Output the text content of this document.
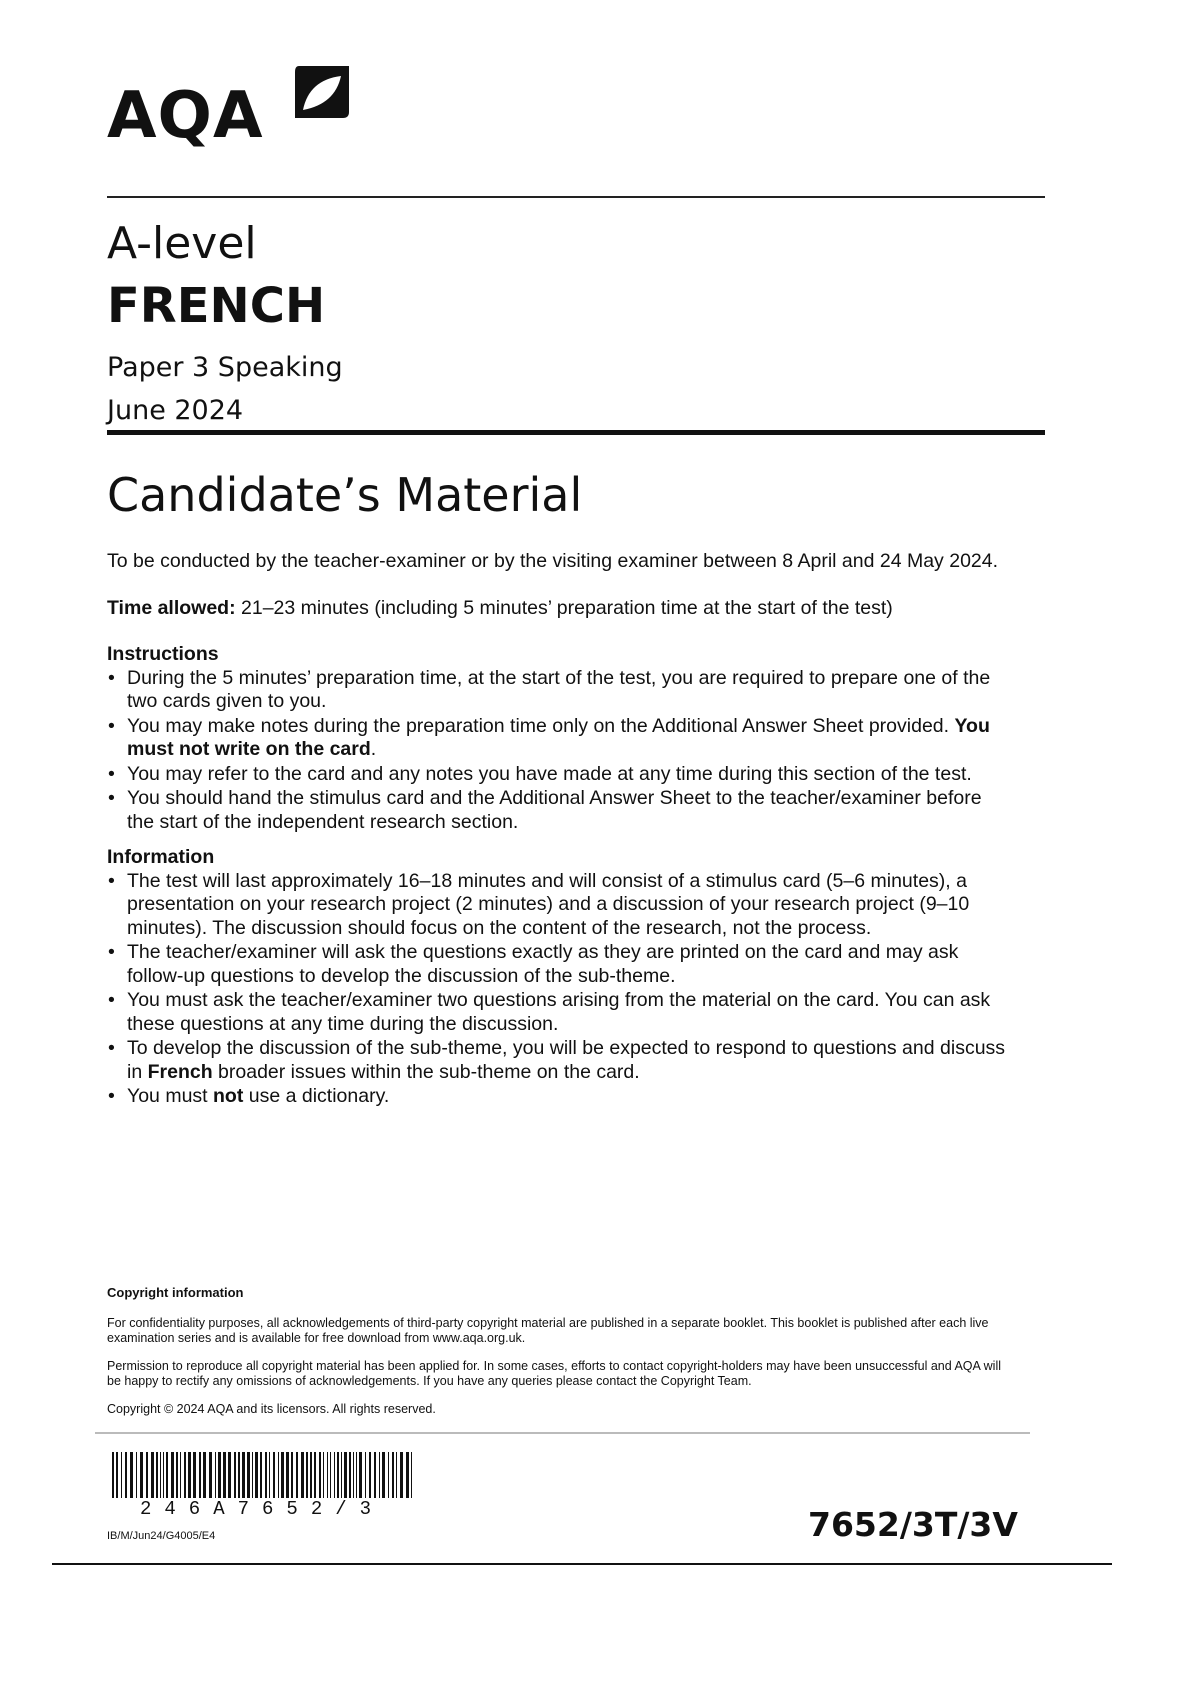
AQA
A-level
FRENCH
Paper 3 Speaking
June 2024
Candidate’s Material

To be conducted by the teacher-examiner or by the visiting examiner between 8 April and 24 May 2024.

Time allowed: 21–23 minutes (including 5 minutes’ preparation time at the start of the test)

Instructions
• During the 5 minutes’ preparation time, at the start of the test, you are required to prepare one of the two cards given to you.
• You may make notes during the preparation time only on the Additional Answer Sheet provided. You must not write on the card.
• You may refer to the card and any notes you have made at any time during this section of the test.
• You should hand the stimulus card and the Additional Answer Sheet to the teacher/examiner before the start of the independent research section.
Information
• The test will last approximately 16–18 minutes and will consist of a stimulus card (5–6 minutes), a presentation on your research project (2 minutes) and a discussion of your research project (9–10 minutes). The discussion should focus on the content of the research, not the process.
• The teacher/examiner will ask the questions exactly as they are printed on the card and may ask follow-up questions to develop the discussion of the sub-theme.
• You must ask the teacher/examiner two questions arising from the material on the card. You can ask these questions at any time during the discussion.
• To develop the discussion of the sub-theme, you will be expected to respond to questions and discuss in French broader issues within the sub-theme on the card.
• You must not use a dictionary.
Copyright information

For confidentiality purposes, all acknowledgements of third-party copyright material are published in a separate booklet. This booklet is published after each live examination series and is available for free download from www.aqa.org.uk.

Permission to reproduce all copyright material has been applied for. In some cases, efforts to contact copyright-holders may have been unsuccessful and AQA will be happy to rectify any omissions of acknowledgements. If you have any queries please contact the Copyright Team.

Copyright © 2024 AQA and its licensors. All rights reserved.

246A7652/3
IB/M/Jun24/G4005/E4	7652/3T/3V
